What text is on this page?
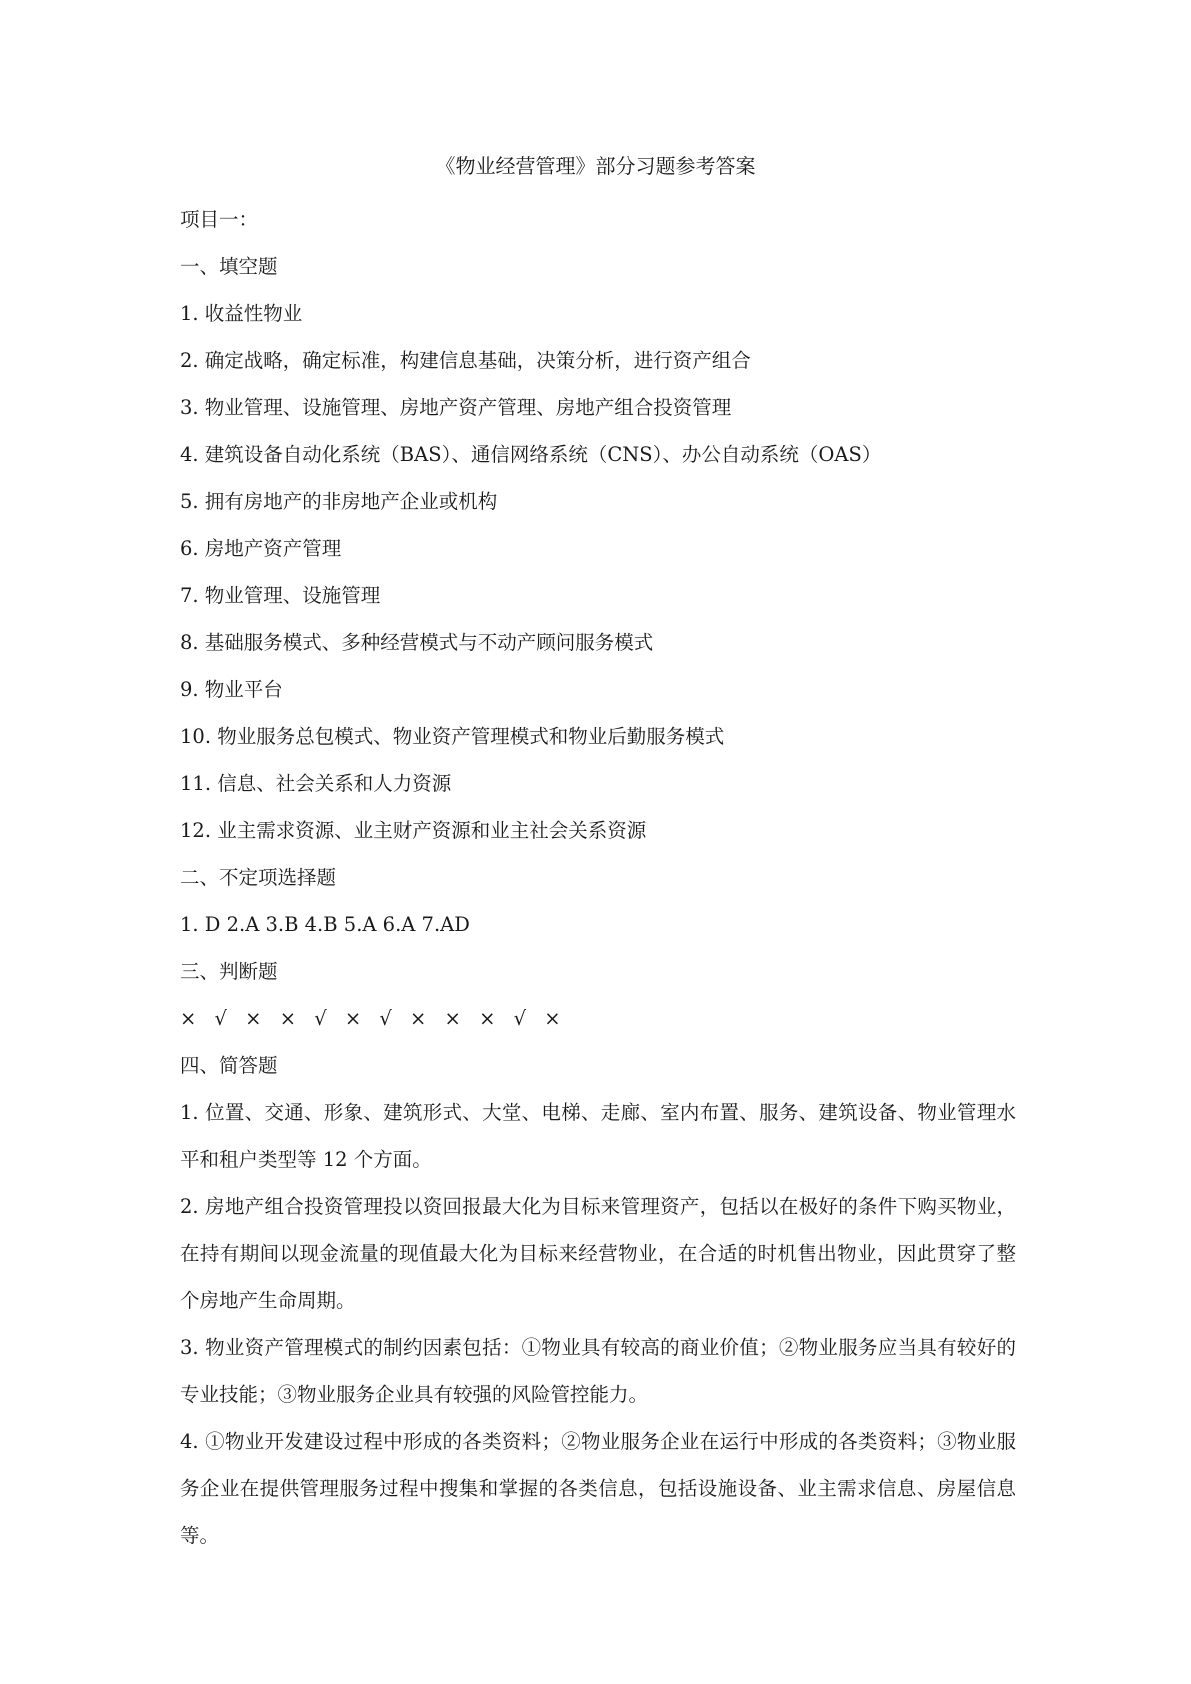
《物业经营管理》部分习题参考答案
项目一：
一、填空题
1. 收益性物业
2. 确定战略，确定标准，构建信息基础，决策分析，进行资产组合
3. 物业管理、设施管理、房地产资产管理、房地产组合投资管理
4. 建筑设备自动化系统（BAS）、通信网络系统（CNS）、办公自动系统（OAS）
5. 拥有房地产的非房地产企业或机构
6. 房地产资产管理
7. 物业管理、设施管理
8. 基础服务模式、多种经营模式与不动产顾问服务模式
9. 物业平台
10. 物业服务总包模式、物业资产管理模式和物业后勤服务模式
11. 信息、社会关系和人力资源
12. 业主需求资源、业主财产资源和业主社会关系资源
二、不定项选择题
1. D 2.A 3.B 4.B 5.A 6.A 7.AD
三、判断题
× √ × × √ × √ × × × √ ×
四、简答题
1. 位置、交通、形象、建筑形式、大堂、电梯、走廊、室内布置、服务、建筑设备、物业管理水平和租户类型等 12 个方面。
2. 房地产组合投资管理投以资回报最大化为目标来管理资产，包括以在极好的条件下购买物业，在持有期间以现金流量的现值最大化为目标来经营物业，在合适的时机售出物业，因此贯穿了整个房地产生命周期。
3. 物业资产管理模式的制约因素包括：①物业具有较高的商业价值；②物业服务应当具有较好的专业技能；③物业服务企业具有较强的风险管控能力。
4. ①物业开发建设过程中形成的各类资料；②物业服务企业在运行中形成的各类资料；③物业服务企业在提供管理服务过程中搜集和掌握的各类信息，包括设施设备、业主需求信息、房屋信息等。
